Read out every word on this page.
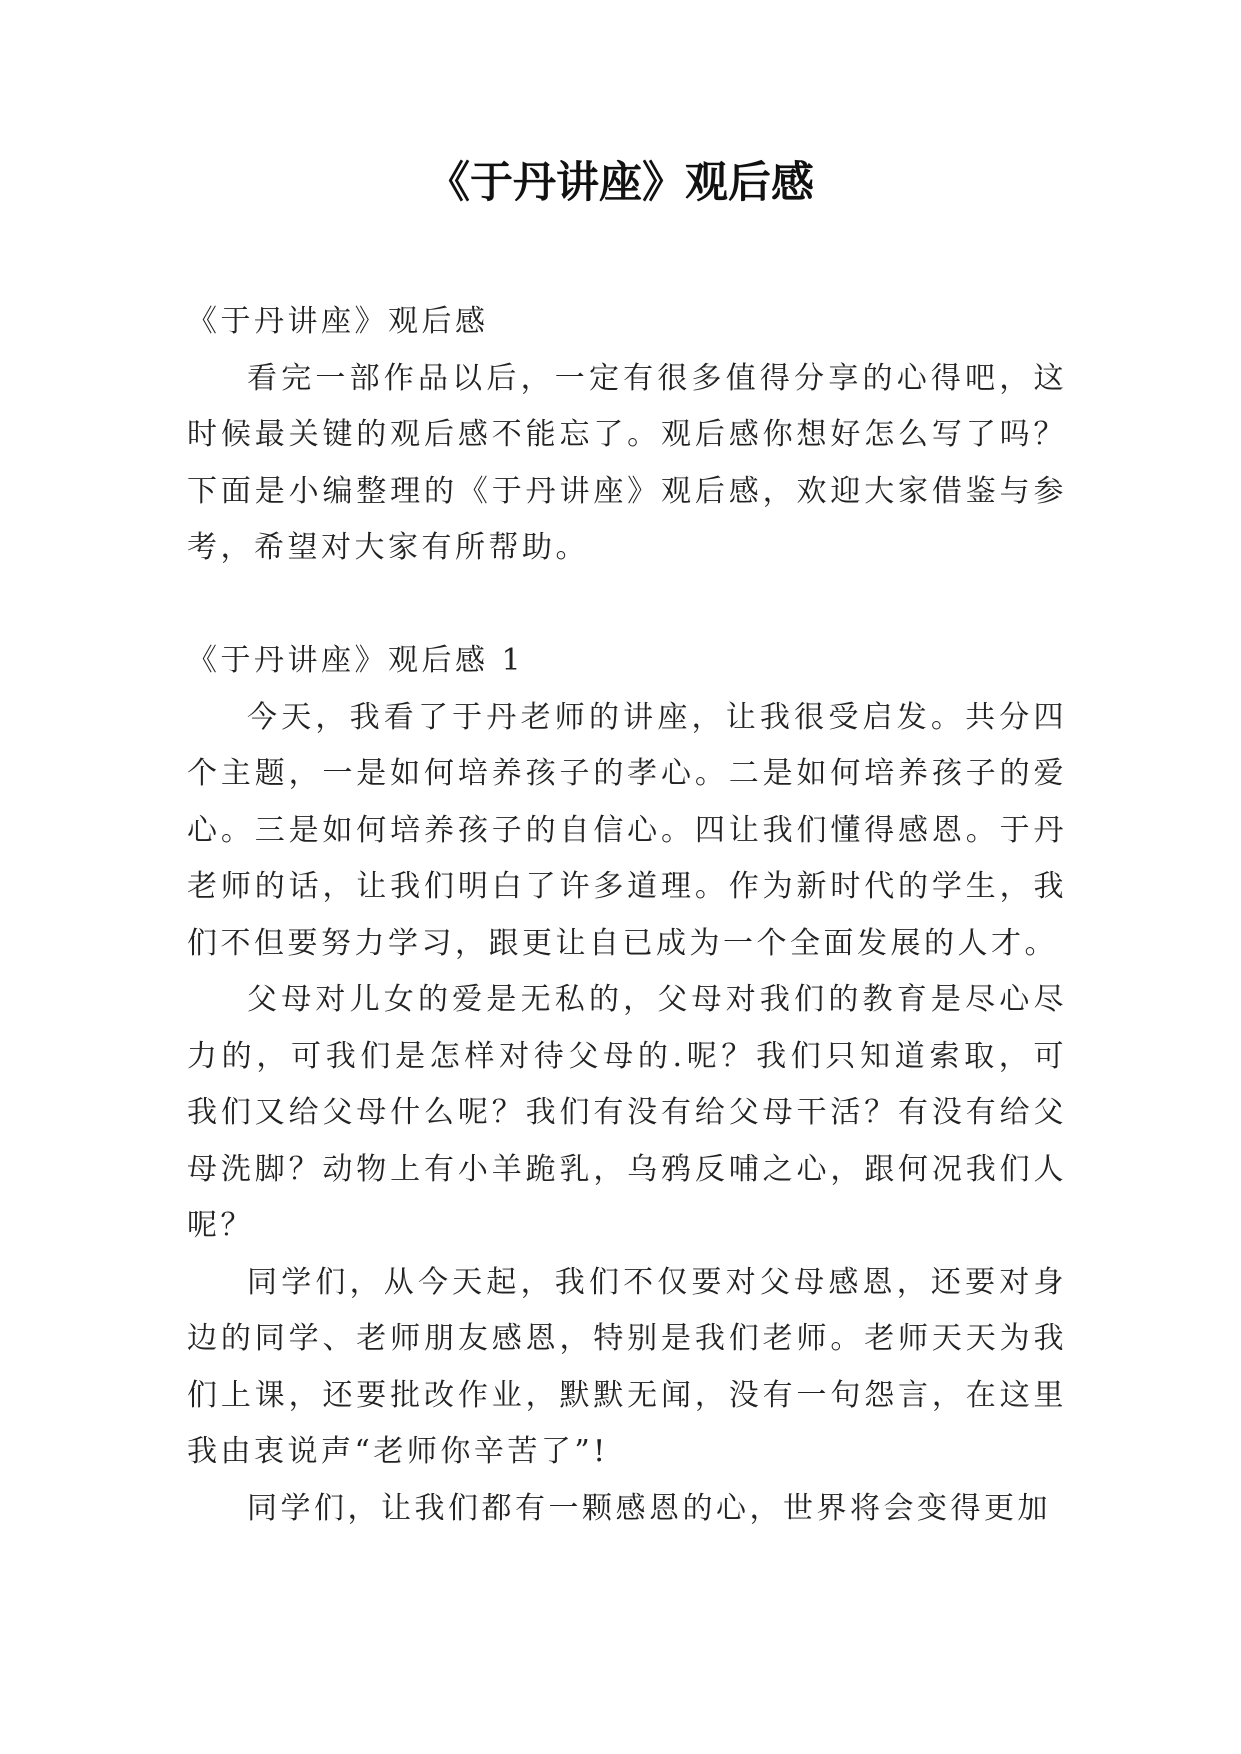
《于丹讲座》观后感

《于丹讲座》观后感

看完一部作品以后，一定有很多值得分享的心得吧，这时候最关键的观后感不能忘了。观后感你想好怎么写了吗？下面是小编整理的《于丹讲座》观后感，欢迎大家借鉴与参考，希望对大家有所帮助。

《于丹讲座》观后感 1

今天，我看了于丹老师的讲座，让我很受启发。共分四个主题，一是如何培养孩子的孝心。二是如何培养孩子的爱心。三是如何培养孩子的自信心。四让我们懂得感恩。于丹老师的话，让我们明白了许多道理。作为新时代的学生，我们不但要努力学习，跟更让自已成为一个全面发展的人才。

父母对儿女的爱是无私的，父母对我们的教育是尽心尽力的，可我们是怎样对待父母的.呢？我们只知道索取，可我们又给父母什么呢？我们有没有给父母干活？有没有给父母洗脚？动物上有小羊跪乳，乌鸦反哺之心，跟何况我们人呢？

同学们，从今天起，我们不仅要对父母感恩，还要对身边的同学、老师朋友感恩，特别是我们老师。老师天天为我们上课，还要批改作业，默默无闻，没有一句怨言，在这里我由衷说声“老师你辛苦了”!

同学们，让我们都有一颗感恩的心，世界将会变得更加
